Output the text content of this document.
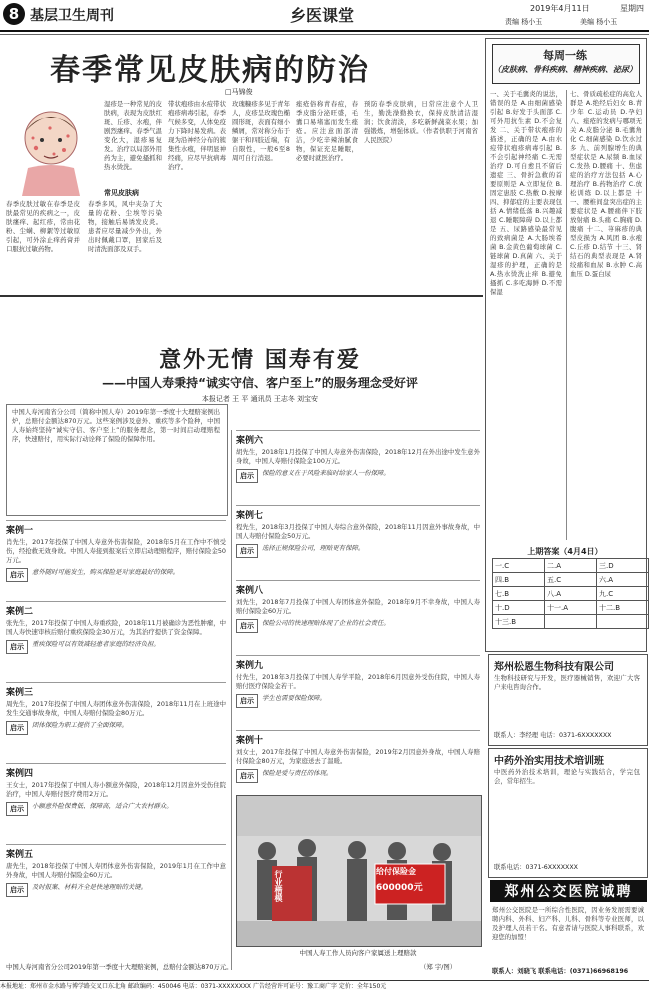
8 基层卫生周刊	乡医课堂	2019年4月11日	星期四
责编 杨小玉	美编 杨小玉
春季常见皮肤病的防治
□马锦俊
常见皮肤病
春季皮肤过敏在春季是皮肤最常见的疾病之一，皮肤瘙痒、起红疹，常由花粉、尘螨、柳絮等过敏原引起，可外涂止痒药膏并口服抗过敏药物。
春季多风，风中夹杂了大量的花粉、尘埃等污染物，接触后易诱发皮炎。患者应尽量减少外出，外出时佩戴口罩，回家后及时清洗面部及双手。
湿疹是一种常见的皮肤病，表现为皮肤红斑、丘疹、水疱，伴剧烈瘙痒。春季气温变化大，湿疹易复发。治疗以局部外用药为主，避免搔抓和热水烫洗。
带状疱疹由水痘带状疱疹病毒引起，春季气候多变，人体免疫力下降时易发病。表现为沿神经分布的簇集性水疱，伴明显神经痛，应尽早抗病毒治疗。
玫瑰糠疹多见于青年人，皮疹呈玫瑰色椭圆形斑，表面有细小鳞屑，常对称分布于躯干和四肢近端，有自限性，一般6至8周可自行消退。
痤疮俗称青春痘，春季皮脂分泌旺盛，毛囊口易堵塞而发生痤疮。应注意面部清洁，少吃辛辣油腻食物，保证充足睡眠，必要时就医治疗。
预防春季皮肤病，日常应注意个人卫生，勤洗澡勤换衣，保持皮肤清洁湿润；饮食清淡，多吃新鲜蔬菜水果；加强锻炼，增强体质。（作者供职于河南省人民医院）
每周一练
（皮肤病、骨科疾病、精神疾病、泌尿）
一、关于毛囊炎的说法，错误的是 A.由细菌感染引起 B.好发于头面部 C.可外用抗生素 D.不会复发 二、关于带状疱疹的描述，正确的是 A.由水痘带状疱疹病毒引起 B.不会引起神经痛 C.无需治疗 D.可自愈且不留后遗症 三、骨折急救的首要原则是 A.立即复位 B.固定患肢 C.热敷 D.按摩 四、抑郁症的主要表现包括 A.情绪低落 B.兴趣减退 C.睡眠障碍 D.以上都是 五、尿路感染最常见的致病菌是 A.大肠埃希菌 B.金黄色葡萄球菌 C.链球菌 D.真菌 六、关于湿疹的护理，正确的是 A.热水烫洗止痒 B.避免搔抓 C.多吃海鲜 D.不需保湿
七、骨质疏松症的高危人群是 A.绝经后妇女 B.青少年 C.运动员 D.孕妇 八、痤疮的发病与哪项无关 A.皮脂分泌 B.毛囊角化 C.细菌感染 D.饮水过多 九、前列腺增生的典型症状是 A.尿频 B.血尿 C.发热 D.腰痛 十、焦虑症的治疗方法包括 A.心理治疗 B.药物治疗 C.放松训练 D.以上都是 十一、腰椎间盘突出症的主要症状是 A.腰痛伴下肢放射痛 B.头痛 C.胸痛 D.腹痛 十二、荨麻疹的典型皮损为 A.风团 B.水疱 C.丘疹 D.结节 十三、肾结石的典型表现是 A.肾绞痛和血尿 B.水肿 C.高血压 D.蛋白尿
上期答案（4月4日）
一.C	二.A	三.D
四.B	五.C	六.A
七.B	八.A	九.C
十.D	十一.A	十二.B
十三.B		
意外无情 国寿有爱
——中国人寿秉持“诚实守信、客户至上”的服务理念受好评
本报记者 王 平 通讯员 王志冬 刘宝安
中国人寿河南省分公司（简称中国人寿）2019年第一季度十大理赔案例出炉，总赔付金额达870万元。这些案例涉及意外、重疾等多个险种，中国人寿始终坚持“诚实守信、客户至上”的服务理念，第一时间启动理赔程序，快速赔付，用实际行动诠释了保险的保障作用。
案例一
肖先生，2017年投保了中国人寿意外伤害保险，2018年5月在工作中不慎受伤，经抢救无效身故。中国人寿接到报案后立即启动理赔程序，赔付保险金50万元。
启示	意外随时可能发生，购买保险是对家庭最好的保障。
案例二
张先生，2017年投保了中国人寿重疾险，2018年11月被确诊为恶性肿瘤，中国人寿快速审核后赔付重疾保险金30万元，为其治疗提供了资金保障。
启示	重疾保险可以有效减轻患者家庭的经济负担。
案例三
周先生，2017年投保了中国人寿团体意外伤害保险，2018年11月在上班途中发生交通事故身故，中国人寿赔付保险金80万元。
启示	团体保险为职工提供了全面保障。
案例四
王女士，2017年投保了中国人寿小额意外保险，2018年12月因意外受伤住院治疗，中国人寿赔付医疗费用2万元。
启示	小额意外险保费低、保障高，适合广大农村群众。
案例五
唐先生，2018年投保了中国人寿团体意外伤害保险，2019年1月在工作中意外身故，中国人寿赔付保险金60万元。
启示	及时报案、材料齐全是快速理赔的关键。
案例六
胡先生，2018年1月投保了中国人寿意外伤害保险，2018年12月在外出途中发生意外身故，中国人寿赔付保险金100万元。
启示	保险的意义在于风险来临时给家人一份保障。
案例七
程先生，2018年3月投保了中国人寿综合意外保险，2018年11月因意外事故身故，中国人寿赔付保险金50万元。
启示	选择正规保险公司，理赔更有保障。
案例八
刘先生，2018年7月投保了中国人寿团体意外保险，2018年9月不幸身故，中国人寿赔付保险金60万元。
启示	保险公司的快速理赔体现了企业的社会责任。
案例九
付先生，2018年3月投保了中国人寿学平险，2018年6月因意外受伤住院，中国人寿赔付医疗保险金若干。
启示	学生也需要保险保障。
案例十
刘女士，2017年投保了中国人寿意外伤害保险，2019年2月因意外身故，中国人寿赔付保险金80万元，为家庭送去了温暖。
启示	保险是爱与责任的体现。
行业楷模	给付保险金
600000元
中国人寿工作人员向客户家属送上理赔款
中国人寿河南省分公司2019年第一季度十大理赔案例，总赔付金额达870万元。	（郑 宇/图）
郑州松恩生物科技有限公司
生物科技研究与开发，医疗器械销售，欢迎广大客户来电咨询合作。
联系人：李经理 电话：0371-6XXXXXXX
中药外治实用技术培训班
中医药外治技术培训，理论与实践结合，学完包会，常年招生。
联系电话：0371-6XXXXXXX
郑州公交医院诚聘
郑州公交医院是一所综合性医院，因业务发展需要诚聘内科、外科、妇产科、儿科、骨科等专业医师，以及护理人员若干名。有意者请与医院人事科联系，欢迎您的加盟！
联系人：刘晓飞 联系电话：(0371)66968196
本报地址：郑州市金水路与博学路交叉口东北角 邮政编码：450046 电话：0371-XXXXXXXX 广告经营许可证号：豫工商广字 定价：全年150元
